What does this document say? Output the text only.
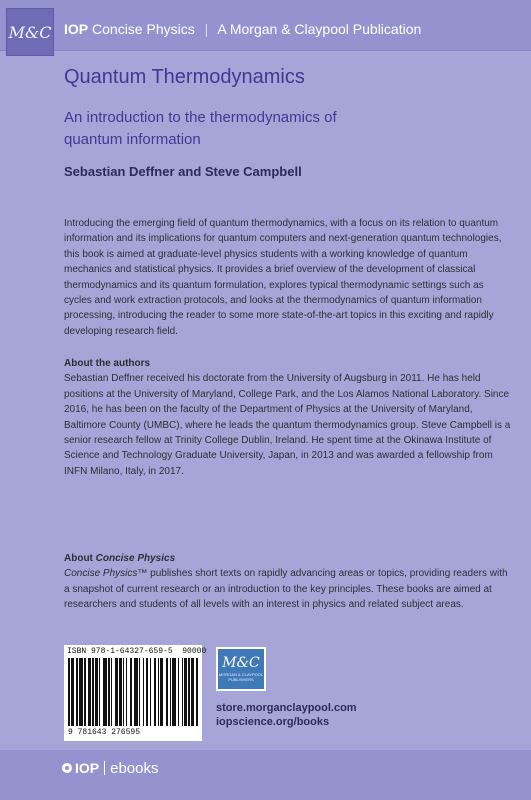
M&C IOP Concise Physics | A Morgan & Claypool Publication
Quantum Thermodynamics
An introduction to the thermodynamics of quantum information
Sebastian Deffner and Steve Campbell
Introducing the emerging field of quantum thermodynamics, with a focus on its relation to quantum information and its implications for quantum computers and next-generation quantum technologies, this book is aimed at graduate-level physics students with a working knowledge of quantum mechanics and statistical physics. It provides a brief overview of the development of classical thermodynamics and its quantum formulation, explores typical thermodynamic settings such as cycles and work extraction protocols, and looks at the thermodynamics of quantum information processing, introducing the reader to some more state-of-the-art topics in this exciting and rapidly developing research field.
About the authors
Sebastian Deffner received his doctorate from the University of Augsburg in 2011. He has held positions at the University of Maryland, College Park, and the Los Alamos National Laboratory. Since 2016, he has been on the faculty of the Department of Physics at the University of Maryland, Baltimore County (UMBC), where he leads the quantum thermodynamics group. Steve Campbell is a senior research fellow at Trinity College Dublin, Ireland. He spent time at the Okinawa Institute of Science and Technology Graduate University, Japan, in 2013 and was awarded a fellowship from INFN Milano, Italy, in 2017.
About Concise Physics
Concise Physics™ publishes short texts on rapidly advancing areas or topics, providing readers with a snapshot of current research or an introduction to the key principles. These books are aimed at researchers and students of all levels with an interest in physics and related subject areas.
ISBN 978-1-64327-659-5 90000
9 781643 276595
M&C
MORGAN & CLAYPOOL PUBLISHERS
store.morganclaypool.com
iopscience.org/books
IOP ebooks
